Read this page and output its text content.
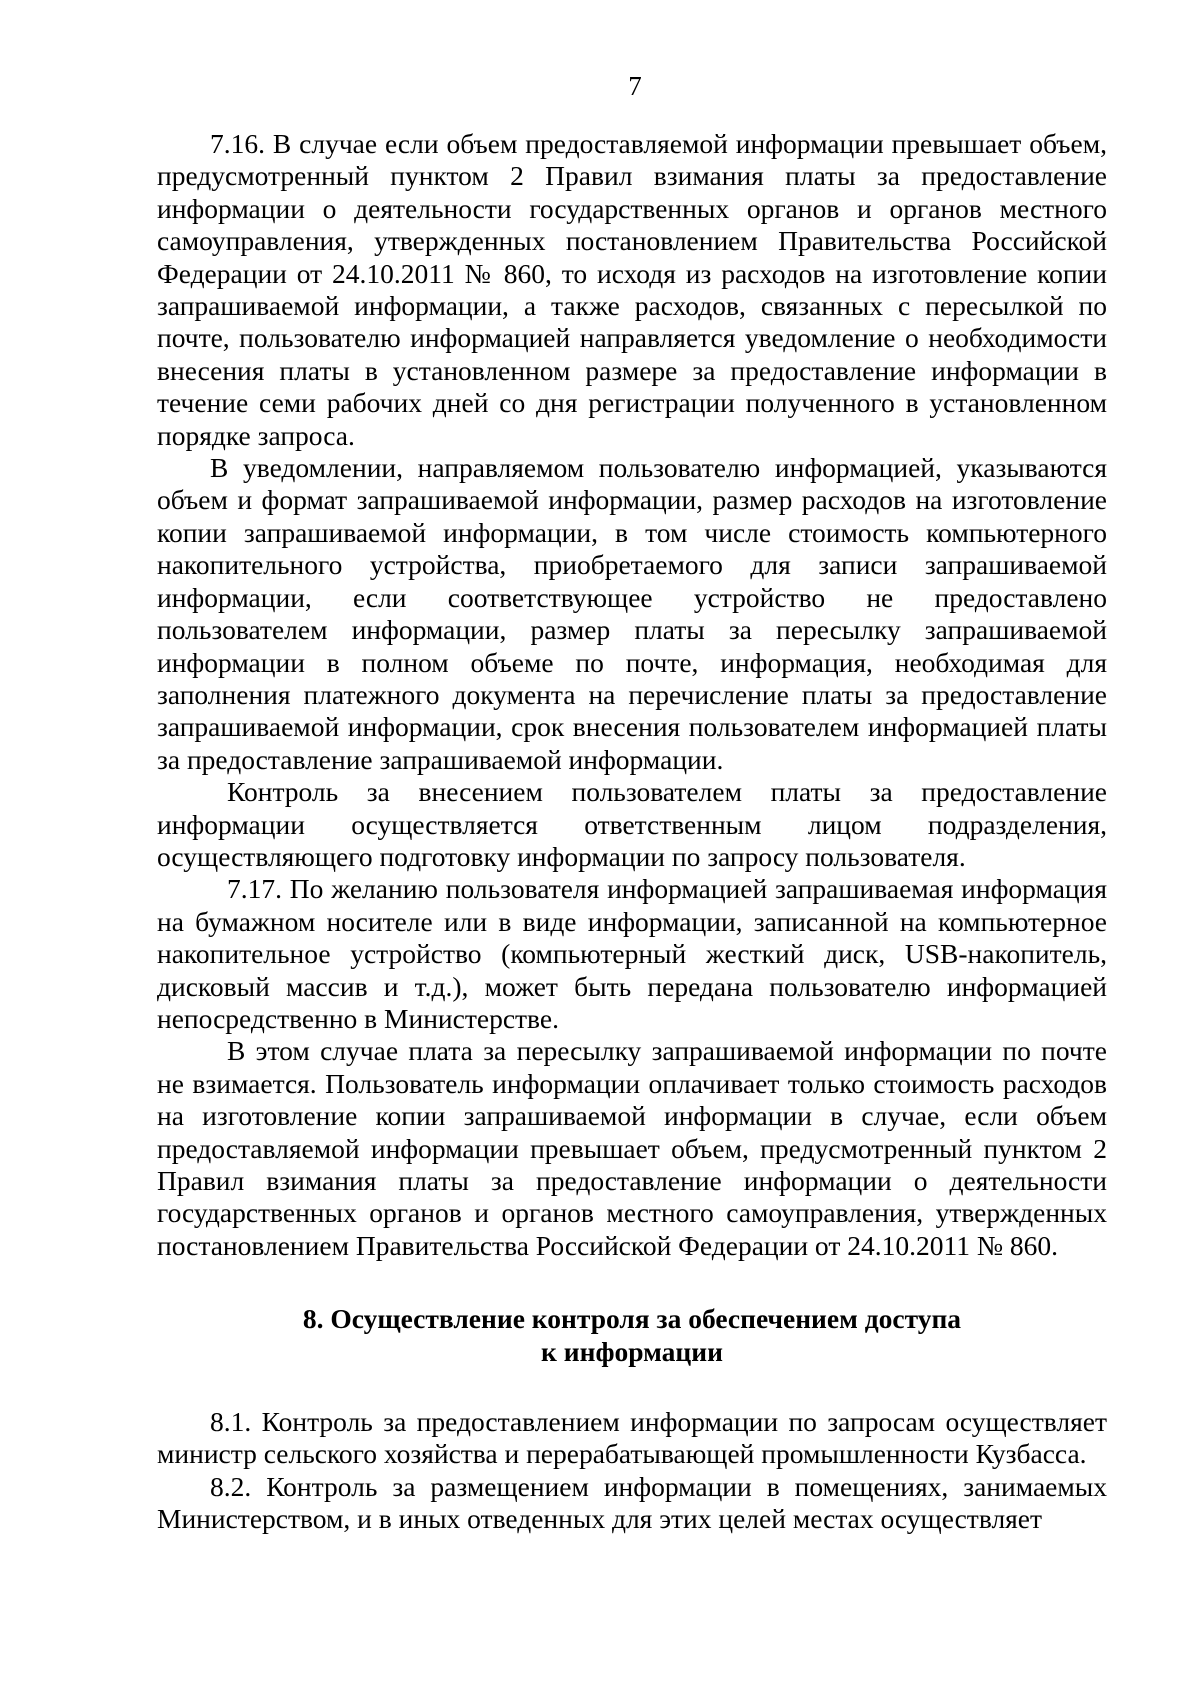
7

7.16. В случае если объем предоставляемой информации превышает объем, предусмотренный пунктом 2 Правил взимания платы за предоставление информации о деятельности государственных органов и органов местного самоуправления, утвержденных постановлением Правительства Российской Федерации от 24.10.2011 № 860, то исходя из расходов на изготовление копии запрашиваемой информации, а также расходов, связанных с пересылкой по почте, пользователю информацией направляется уведомление о необходимости внесения платы в установленном размере за предоставление информации в течение семи рабочих дней со дня регистрации полученного в установленном порядке запроса.

В уведомлении, направляемом пользователю информацией, указываются объем и формат запрашиваемой информации, размер расходов на изготовление копии запрашиваемой информации, в том числе стоимость компьютерного накопительного устройства, приобретаемого для записи запрашиваемой информации, если соответствующее устройство не предоставлено пользователем информации, размер платы за пересылку запрашиваемой информации в полном объеме по почте, информация, необходимая для заполнения платежного документа на перечисление платы за предоставление запрашиваемой информации, срок внесения пользователем информацией платы за предоставление запрашиваемой информации.

Контроль за внесением пользователем платы за предоставление информации осуществляется ответственным лицом подразделения, осуществляющего подготовку информации по запросу пользователя.

7.17. По желанию пользователя информацией запрашиваемая информация на бумажном носителе или в виде информации, записанной на компьютерное накопительное устройство (компьютерный жесткий диск, USB-накопитель, дисковый массив и т.д.), может быть передана пользователю информацией непосредственно в Министерстве.

В этом случае плата за пересылку запрашиваемой информации по почте не взимается. Пользователь информации оплачивает только стоимость расходов на изготовление копии запрашиваемой информации в случае, если объем предоставляемой информации превышает объем, предусмотренный пунктом 2 Правил взимания платы за предоставление информации о деятельности государственных органов и органов местного самоуправления, утвержденных постановлением Правительства Российской Федерации от 24.10.2011 № 860.

8. Осуществление контроля за обеспечением доступа
к информации

8.1. Контроль за предоставлением информации по запросам осуществляет министр сельского хозяйства и перерабатывающей промышленности Кузбасса.

8.2. Контроль за размещением информации в помещениях, занимаемых Министерством, и в иных отведенных для этих целей местах осуществляет
